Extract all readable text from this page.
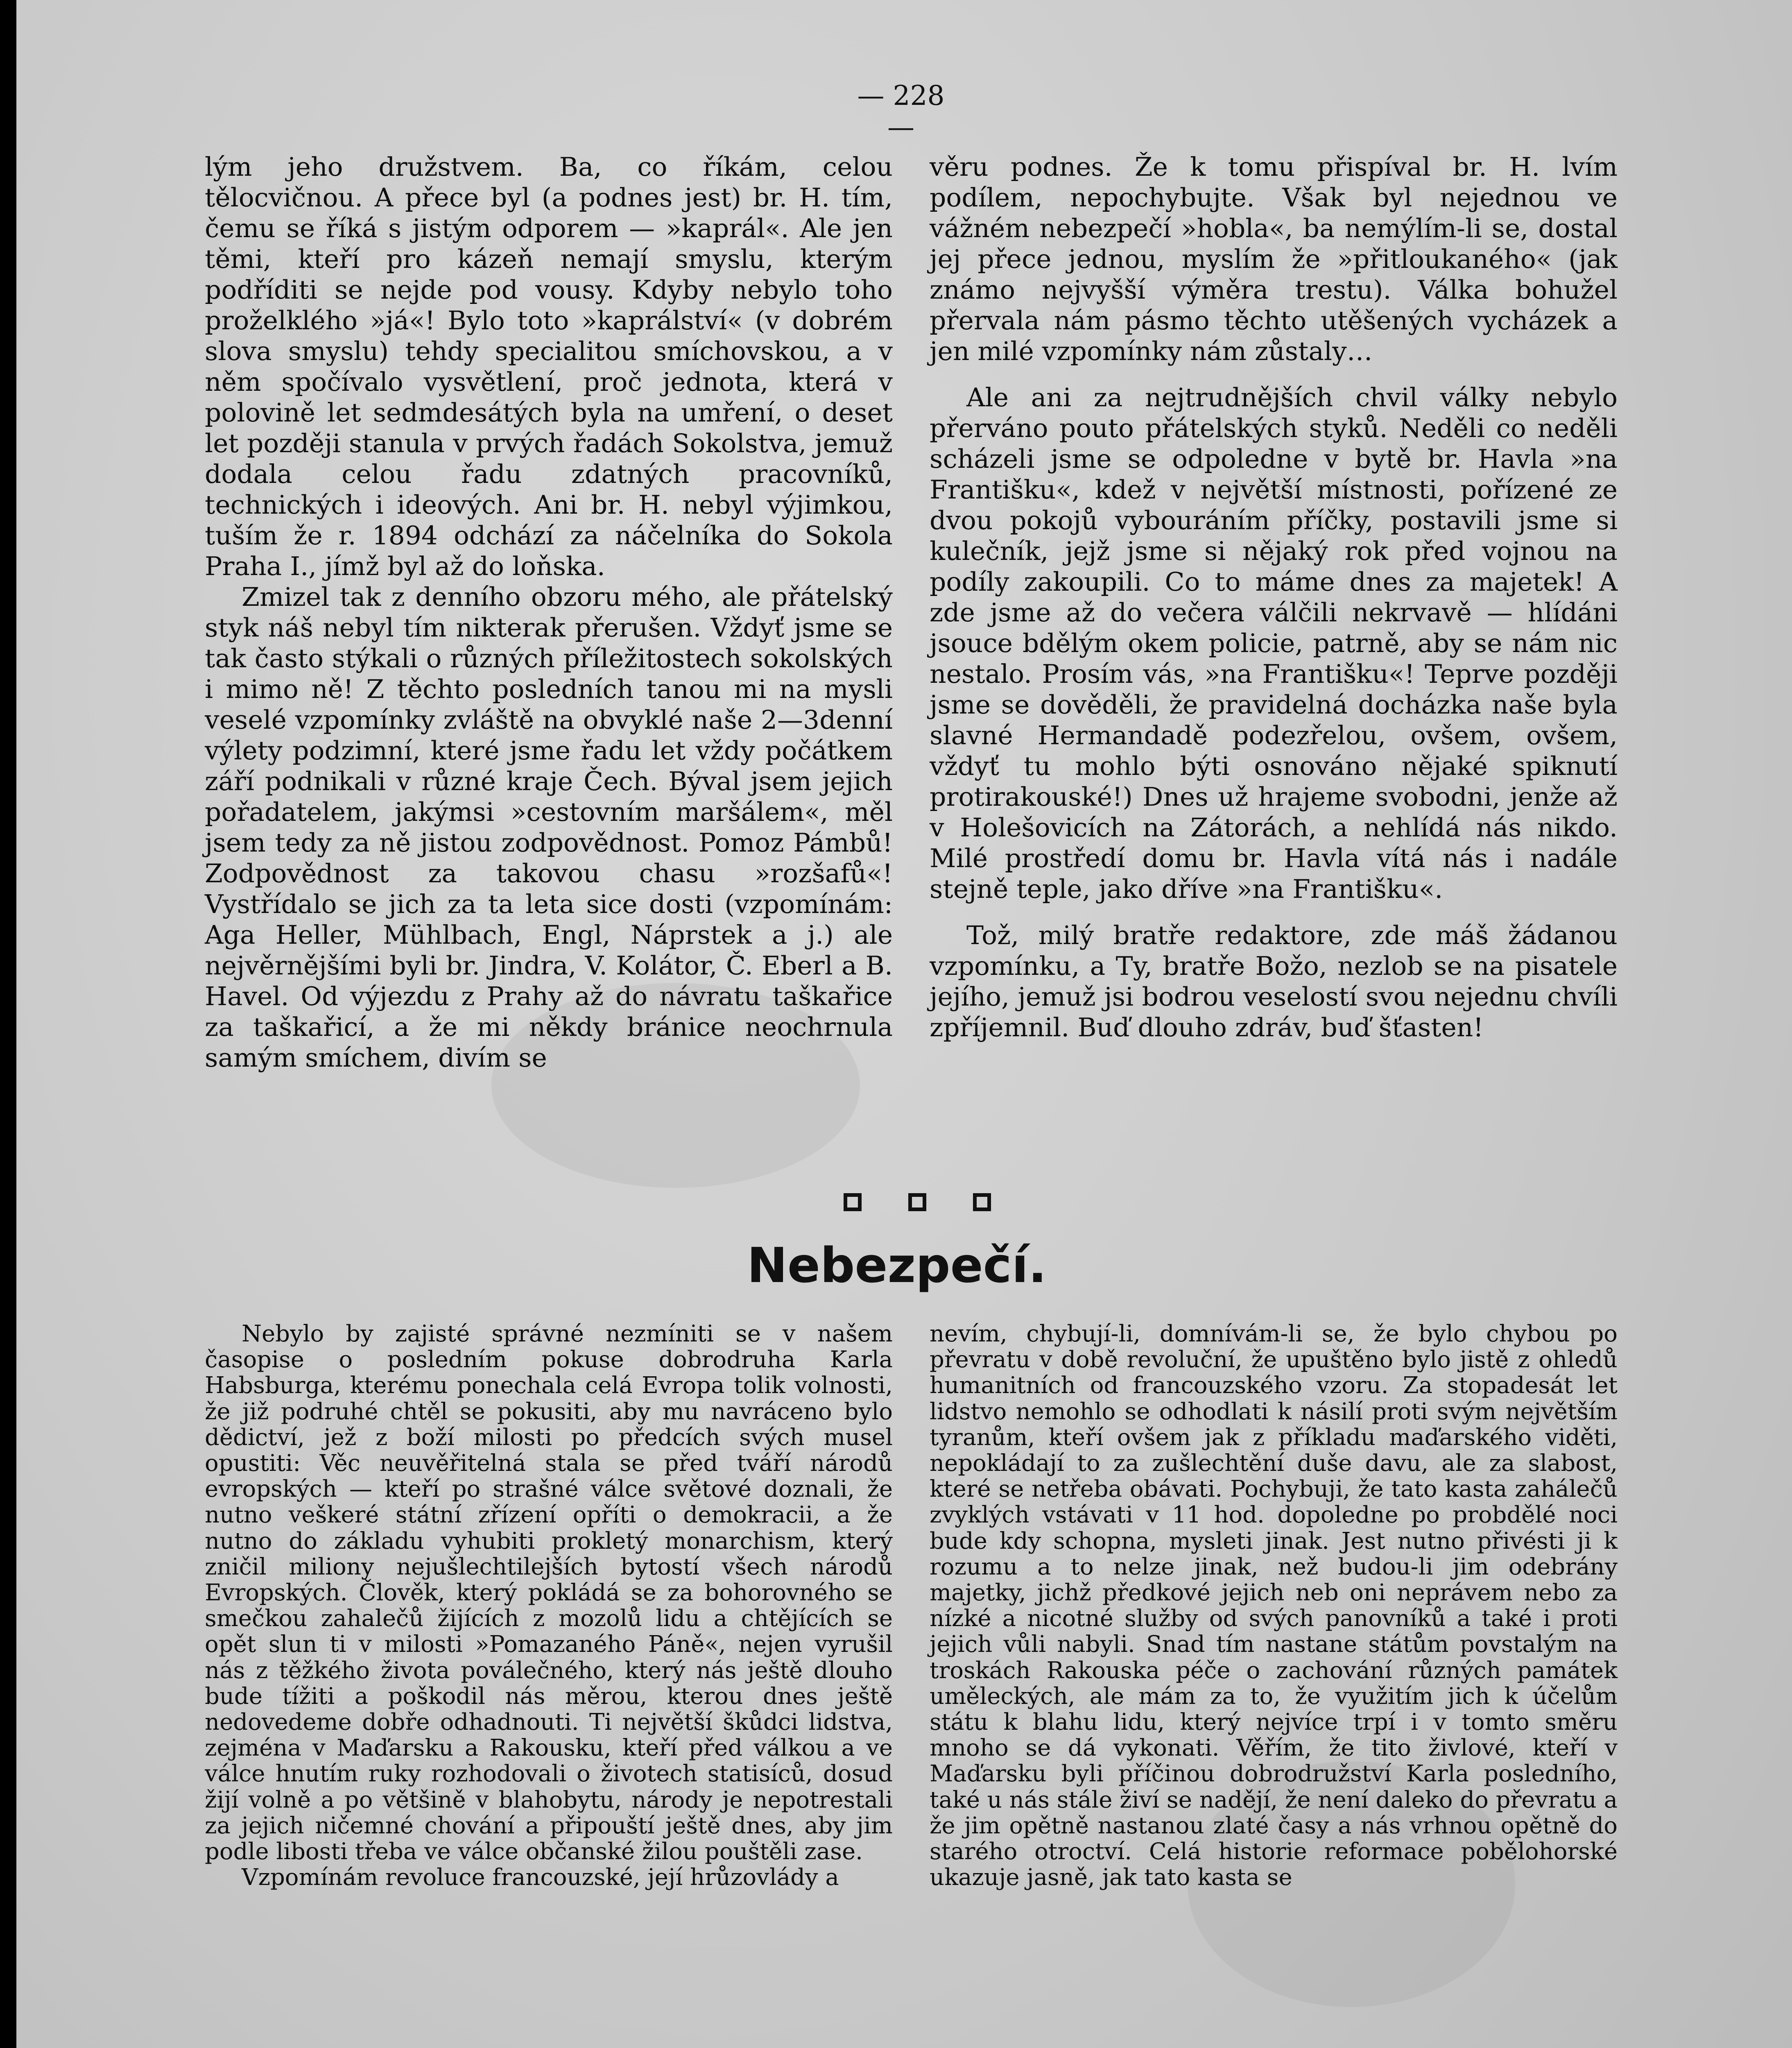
— 228 —

lým jeho družstvem. Ba, co říkám, celou tělocvičnou. A přece byl (a podnes jest) br. H. tím, čemu se říká s jistým odporem — »kaprál«. Ale jen těmi, kteří pro kázeň nemají smyslu, kterým podříditi se nejde pod vousy. Kdyby nebylo toho proželklého »já«! Bylo toto »kaprálství« (v dobrém slova smyslu) tehdy specialitou smíchovskou, a v něm spočívalo vysvětlení, proč jednota, která v polovině let sedmdesátých byla na umření, o deset let později stanula v prvých řadách Sokolstva, jemuž dodala celou řadu zdatných pracovníků, technických i ideových. Ani br. H. nebyl výjimkou, tuším že r. 1894 odchází za náčelníka do Sokola Praha I., jímž byl až do loňska.

Zmizel tak z denního obzoru mého, ale přátelský styk náš nebyl tím nikterak přerušen. Vždyť jsme se tak často stýkali o různých příležitostech sokolských i mimo ně! Z těchto posledních tanou mi na mysli veselé vzpomínky zvláště na obvyklé naše 2—3denní výlety podzimní, které jsme řadu let vždy počátkem září podnikali v různé kraje Čech. Býval jsem jejich pořadatelem, jakýmsi »cestovním maršálem«, měl jsem tedy za ně jistou zodpovědnost. Pomoz Pámbů! Zodpovědnost za takovou chasu »rozšafů«! Vystřídalo se jich za ta leta sice dosti (vzpomínám: Aga Heller, Mühlbach, Engl, Náprstek a j.) ale nejvěrnějšími byli br. Jindra, V. Kolátor, Č. Eberl a B. Havel. Od výjezdu z Prahy až do návratu taškařice za taškařicí, a že mi někdy bránice neochrnula samým smíchem, divím se

věru podnes. Že k tomu přispíval br. H. lvím podílem, nepochybujte. Však byl nejednou ve vážném nebezpečí »hobla«, ba nemýlím-li se, dostal jej přece jednou, myslím že »přitloukaného« (jak známo nejvyšší výměra trestu). Válka bohužel přervala nám pásmo těchto utěšených vycházek a jen milé vzpomínky nám zůstaly…

Ale ani za nejtrudnějších chvil války nebylo přerváno pouto přátelských styků. Neděli co neděli scházeli jsme se odpoledne v bytě br. Havla »na Františku«, kdež v největší místnosti, pořízené ze dvou pokojů vybouráním příčky, postavili jsme si kulečník, jejž jsme si nějaký rok před vojnou na podíly zakoupili. Co to máme dnes za majetek! A zde jsme až do večera válčili nekrvavě — hlídáni jsouce bdělým okem policie, patrně, aby se nám nic nestalo. Prosím vás, »na Františku«! Teprve později jsme se dověděli, že pravidelná docházka naše byla slavné Hermandadě podezřelou, ovšem, ovšem, vždyť tu mohlo býti osnováno nějaké spiknutí protirakouské!) Dnes už hrajeme svobodni, jenže až v Holešovicích na Zátorách, a nehlídá nás nikdo. Milé prostředí domu br. Havla vítá nás i nadále stejně teple, jako dříve »na Františku«.

Tož, milý bratře redaktore, zde máš žádanou vzpomínku, a Ty, bratře Božo, nezlob se na pisatele jejího, jemuž jsi bodrou veselostí svou nejednu chvíli zpříjemnil. Buď dlouho zdráv, buď šťasten!

Nebezpečí.

Nebylo by zajisté správné nezmíniti se v našem časopise o posledním pokuse dobrodruha Karla Habsburga, kterému ponechala celá Evropa tolik volnosti, že již podruhé chtěl se pokusiti, aby mu navráceno bylo dědictví, jež z boží milosti po předcích svých musel opustiti: Věc neuvěřitelná stala se před tváří národů evropských — kteří po strašné válce světové doznali, že nutno veškeré státní zřízení opříti o demokracii, a že nutno do základu vyhubiti prokletý monarchism, který zničil miliony nejušlechtilejších bytostí všech národů Evropských. Člověk, který pokládá se za bohorovného se smečkou zahalečů žijících z mozolů lidu a chtějících se opět slun ti v milosti »Pomazaného Páně«, nejen vyrušil nás z těžkého života poválečného, který nás ještě dlouho bude tížiti a poškodil nás měrou, kterou dnes ještě nedovedeme dobře odhadnouti. Ti největší škůdci lidstva, zejména v Maďarsku a Rakousku, kteří před válkou a ve válce hnutím ruky rozhodovali o životech statisíců, dosud žijí volně a po většině v blahobytu, národy je nepotrestali za jejich ničemné chování a připouští ještě dnes, aby jim podle libosti třeba ve válce občanské žilou pouštěli zase.

Vzpomínám revoluce francouzské, její hrůzovlády a

nevím, chybují-li, domnívám-li se, že bylo chybou po převratu v době revoluční, že upuštěno bylo jistě z ohledů humanitních od francouzského vzoru. Za stopadesát let lidstvo nemohlo se odhodlati k násilí proti svým největším tyranům, kteří ovšem jak z příkladu maďarského viděti, nepokládají to za zušlechtění duše davu, ale za slabost, které se netřeba obávati. Pochybuji, že tato kasta zahálečů zvyklých vstávati v 11 hod. dopoledne po probdělé noci bude kdy schopna, mysleti jinak. Jest nutno přivésti ji k rozumu a to nelze jinak, než budou-li jim odebrány majetky, jichž předkové jejich neb oni neprávem nebo za nízké a nicotné služby od svých panovníků a také i proti jejich vůli nabyli. Snad tím nastane státům povstalým na troskách Rakouska péče o zachování různých památek uměleckých, ale mám za to, že využitím jich k účelům státu k blahu lidu, který nejvíce trpí i v tomto směru mnoho se dá vykonati. Věřím, že tito živlové, kteří v Maďarsku byli příčinou dobrodružství Karla posledního, také u nás stále živí se nadějí, že není daleko do převratu a že jim opětně nastanou zlaté časy a nás vrhnou opětně do starého otroctví. Celá historie reformace pobělohorské ukazuje jasně, jak tato kasta se
